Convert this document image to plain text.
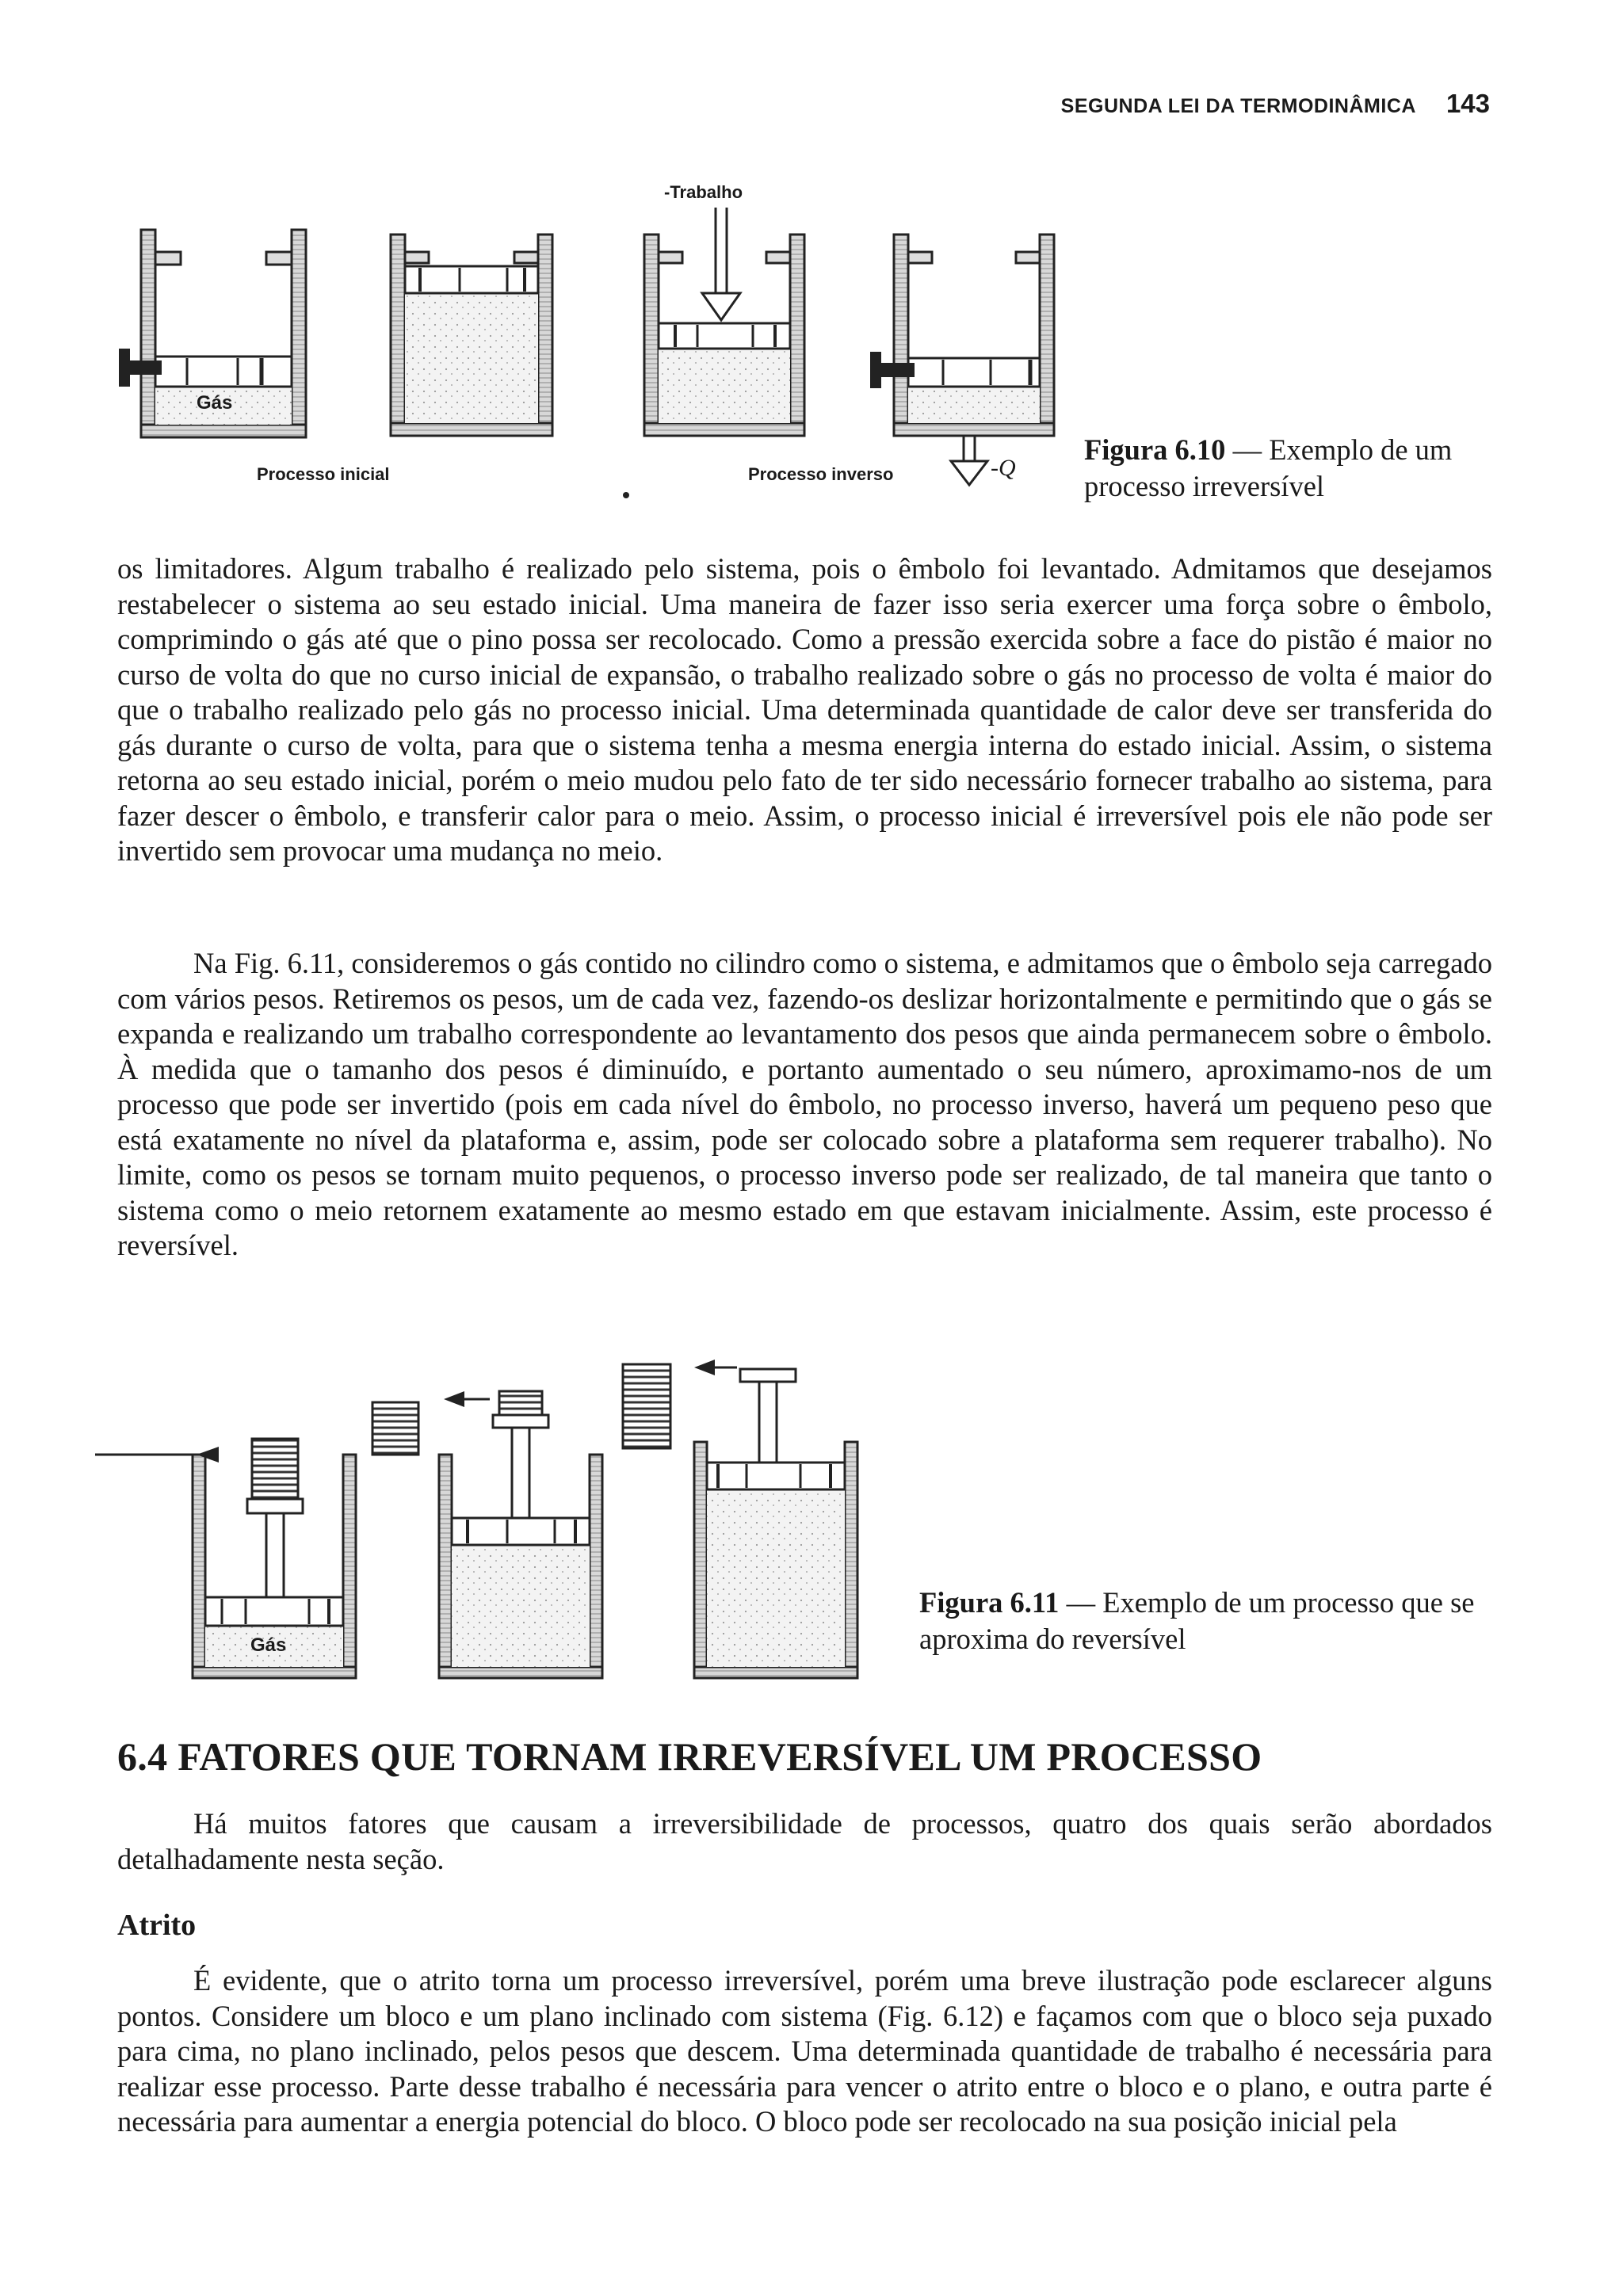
SEGUNDA LEI DA TERMODINÂMICA 143
-Trabalho
Gás
Processo inicial	Processo inverso	-Q
Gás

Figura 6.10 — Exemplo de um processo irreversível

os limitadores. Algum trabalho é realizado pelo sistema, pois o êmbolo foi levantado. Admitamos que desejamos restabelecer o sistema ao seu estado inicial. Uma maneira de fazer isso seria exercer uma força sobre o êmbolo, comprimindo o gás até que o pino possa ser recolocado. Como a pressão exercida sobre a face do pistão é maior no curso de volta do que no curso inicial de expansão, o trabalho realizado sobre o gás no processo de volta é maior do que o trabalho realizado pelo gás no processo inicial. Uma determinada quantidade de calor deve ser transferida do gás durante o curso de volta, para que o sistema tenha a mesma energia interna do estado inicial. Assim, o sistema retorna ao seu estado inicial, porém o meio mudou pelo fato de ter sido necessário fornecer trabalho ao sistema, para fazer descer o êmbolo, e transferir calor para o meio. Assim, o processo inicial é irreversível pois ele não pode ser invertido sem provocar uma mudança no meio.

Na Fig. 6.11, consideremos o gás contido no cilindro como o sistema, e admitamos que o êmbolo seja carregado com vários pesos. Retiremos os pesos, um de cada vez, fazendo-os deslizar horizontalmente e permitindo que o gás se expanda e realizando um trabalho correspondente ao levantamento dos pesos que ainda permanecem sobre o êmbolo. À medida que o tamanho dos pesos é diminuído, e portanto aumentado o seu número, aproximamo-nos de um processo que pode ser invertido (pois em cada nível do êmbolo, no processo inverso, haverá um pequeno peso que está exatamente no nível da plataforma e, assim, pode ser colocado sobre a plataforma sem requerer trabalho). No limite, como os pesos se tornam muito pequenos, o processo inverso pode ser realizado, de tal maneira que tanto o sistema como o meio retornem exatamente ao mesmo estado em que estavam inicialmente. Assim, este processo é reversível.

Figura 6.11 — Exemplo de um processo que se aproxima do reversível

6.4 FATORES QUE TORNAM IRREVERSÍVEL UM PROCESSO

Há muitos fatores que causam a irreversibilidade de processos, quatro dos quais serão abordados detalhadamente nesta seção.

Atrito

É evidente, que o atrito torna um processo irreversível, porém uma breve ilustração pode esclarecer alguns pontos. Considere um bloco e um plano inclinado com sistema (Fig. 6.12) e façamos com que o bloco seja puxado para cima, no plano inclinado, pelos pesos que descem. Uma determinada quantidade de trabalho é necessária para realizar esse processo. Parte desse trabalho é necessária para vencer o atrito entre o bloco e o plano, e outra parte é necessária para aumentar a energia potencial do bloco. O bloco pode ser recolocado na sua posição inicial pela
